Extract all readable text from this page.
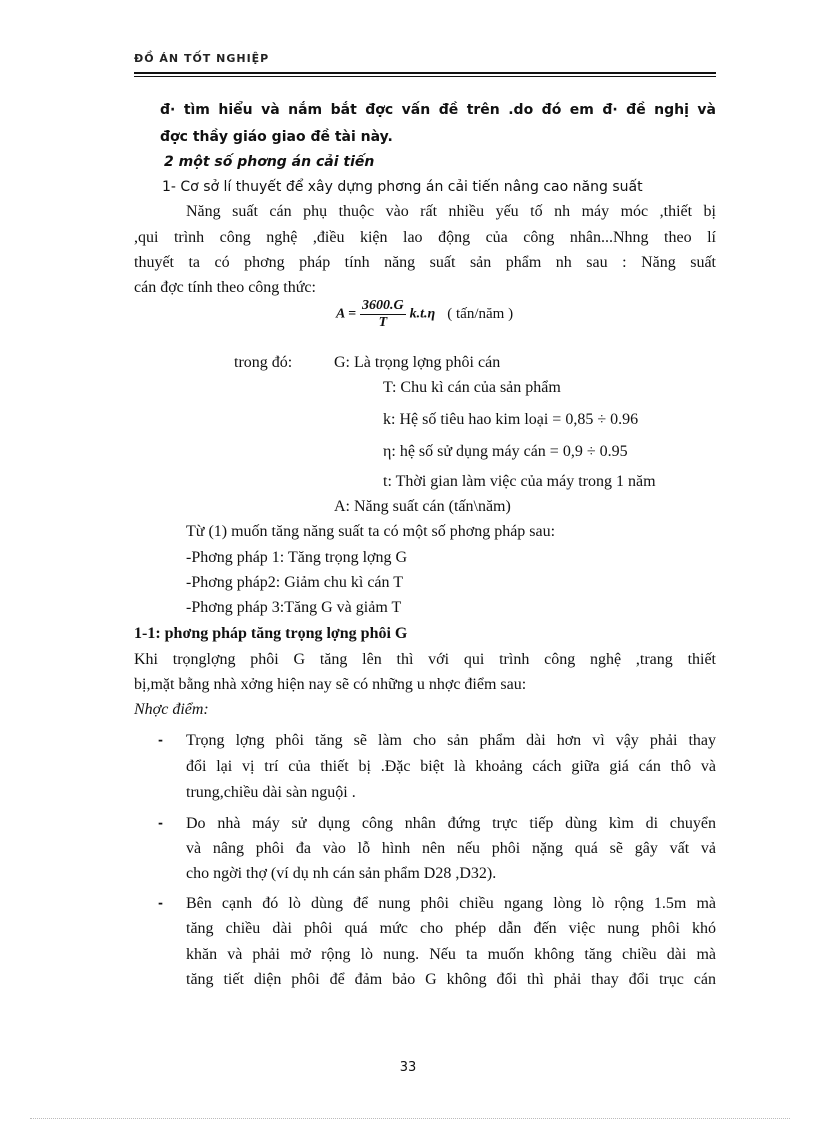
ĐỒ ÁN TỐT NGHIỆP
đ· tìm hiểu và nắm bắt đợc vấn đề trên .do đó em đ· đề nghị và
đợc thầy giáo giao đề tài này.
2 một số phơng án cải tiến
1- Cơ sở lí thuyết để xây dựng phơng án cải tiến nâng cao năng suất
Năng suất cán phụ thuộc vào rất nhiều yếu tố nh máy móc ,thiết bị
,qui trình công nghệ ,điều kiện lao động của công nhân...Nhng theo lí
thuyết ta có phơng pháp tính năng suất sản phẩm nh sau : Năng suất
cán đợc tính theo công thức:
$A = \frac{3600.G}{T} k.t.\eta$ ( tấn/năm )
trong đó:	G: Là trọng lợng phôi cán
T: Chu kì cán của sản phẩm
k: Hệ số tiêu hao kim loại = 0,85 ÷ 0.96
η: hệ số sử dụng máy cán = 0,9 ÷ 0.95
t: Thời gian làm việc của máy trong 1 năm
A: Năng suất cán (tấn\năm)
Từ (1) muốn tăng năng suất ta có một số phơng pháp sau:
-Phơng pháp 1: Tăng trọng lợng G
-Phơng pháp2: Giảm chu kì cán T
-Phơng pháp 3:Tăng G và giảm T
1-1: phơng pháp tăng trọng lợng phôi G
Khi trọnglợng phôi G tăng lên thì với qui trình công nghệ ,trang thiết
bị,mặt bằng nhà xởng hiện nay sẽ có những u nhợc điểm sau:
Nhợc điểm:
- Trọng lợng phôi tăng sẽ làm cho sản phẩm dài hơn vì vậy phải thay
đổi lại vị trí của thiết bị .Đặc biệt là khoảng cách giữa giá cán thô và
trung,chiều dài sàn nguội .
- Do nhà máy sử dụng công nhân đứng trực tiếp dùng kìm di chuyển
và nâng phôi đa vào lỗ hình nên nếu phôi nặng quá sẽ gây vất vả
cho ngời thợ (ví dụ nh cán sản phẩm D28 ,D32).
- Bên cạnh đó lò dùng để nung phôi chiều ngang lòng lò rộng 1.5m mà
tăng chiều dài phôi quá mức cho phép dẫn đến việc nung phôi khó
khăn và phải mở rộng lò nung. Nếu ta muốn không tăng chiều dài mà
tăng tiết diện phôi để đảm bảo G không đổi thì phải thay đổi trục cán
33
